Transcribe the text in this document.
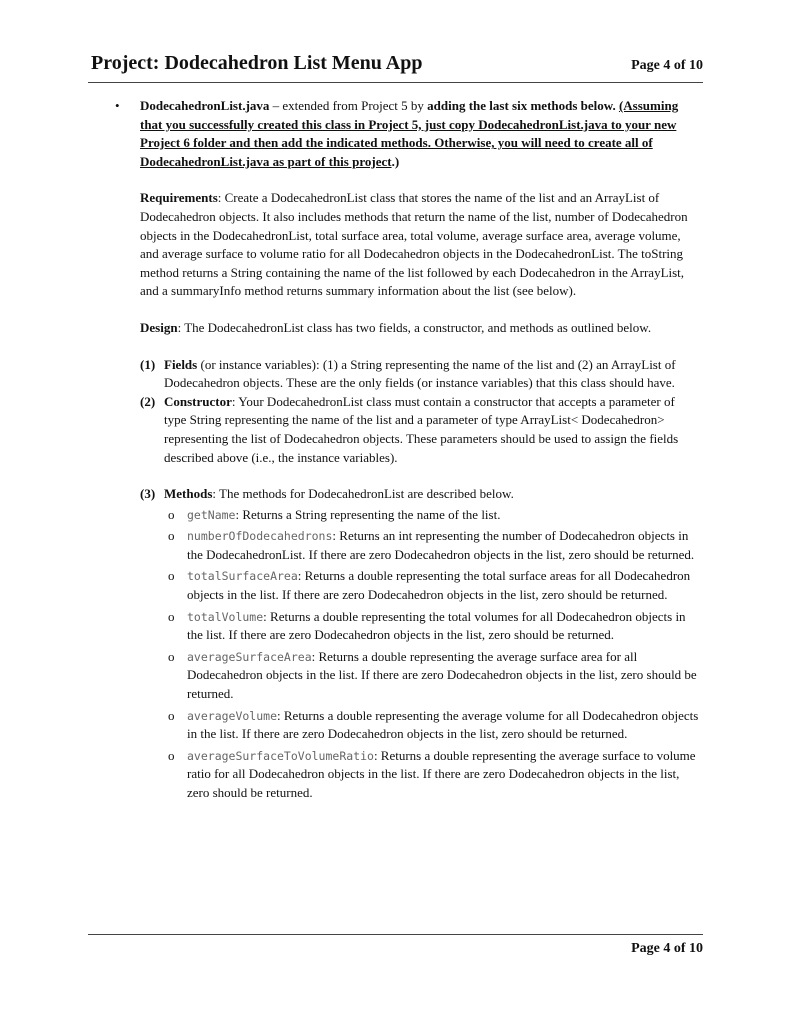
Project: Dodecahedron List Menu App	Page 4 of 10
• DodecahedronList.java – extended from Project 5 by adding the last six methods below. (Assuming that you successfully created this class in Project 5, just copy DodecahedronList.java to your new Project 6 folder and then add the indicated methods. Otherwise, you will need to create all of DodecahedronList.java as part of this project.)

Requirements: Create a DodecahedronList class that stores the name of the list and an ArrayList of Dodecahedron objects. It also includes methods that return the name of the list, number of Dodecahedron objects in the DodecahedronList, total surface area, total volume, average surface area, average volume, and average surface to volume ratio for all Dodecahedron objects in the DodecahedronList. The toString method returns a String containing the name of the list followed by each Dodecahedron in the ArrayList, and a summaryInfo method returns summary information about the list (see below).

Design: The DodecahedronList class has two fields, a constructor, and methods as outlined below.

(1) Fields (or instance variables): (1) a String representing the name of the list and (2) an ArrayList of Dodecahedron objects. These are the only fields (or instance variables) that this class should have.
(2) Constructor: Your DodecahedronList class must contain a constructor that accepts a parameter of type String representing the name of the list and a parameter of type ArrayList< Dodecahedron> representing the list of Dodecahedron objects. These parameters should be used to assign the fields described above (i.e., the instance variables).
(3) Methods: The methods for DodecahedronList are described below.
o getName: Returns a String representing the name of the list.
o numberOfDodecahedrons: Returns an int representing the number of Dodecahedron objects in the DodecahedronList. If there are zero Dodecahedron objects in the list, zero should be returned.
o totalSurfaceArea: Returns a double representing the total surface areas for all Dodecahedron objects in the list. If there are zero Dodecahedron objects in the list, zero should be returned.
o totalVolume: Returns a double representing the total volumes for all Dodecahedron objects in the list. If there are zero Dodecahedron objects in the list, zero should be returned.
o averageSurfaceArea: Returns a double representing the average surface area for all Dodecahedron objects in the list. If there are zero Dodecahedron objects in the list, zero should be returned.
o averageVolume: Returns a double representing the average volume for all Dodecahedron objects in the list. If there are zero Dodecahedron objects in the list, zero should be returned.
o averageSurfaceToVolumeRatio: Returns a double representing the average surface to volume ratio for all Dodecahedron objects in the list. If there are zero Dodecahedron objects in the list, zero should be returned.
Page 4 of 10
